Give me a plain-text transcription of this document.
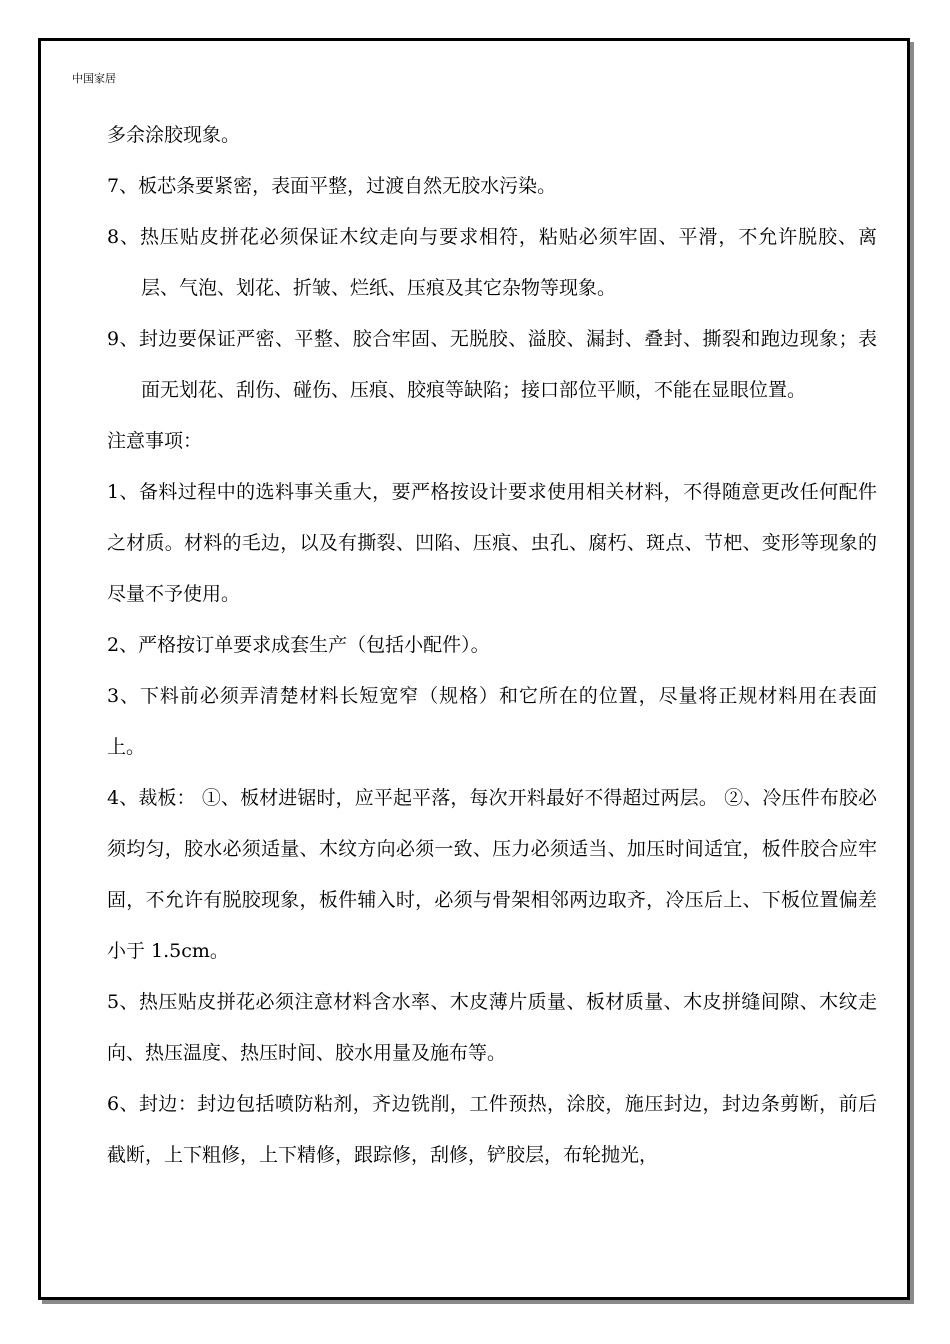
中国家居

多余涂胶现象。

7、板芯条要紧密，表面平整，过渡自然无胶水污染。

8、热压贴皮拼花必须保证木纹走向与要求相符，粘贴必须牢固、平滑，不允许脱胶、离层、气泡、划花、折皱、烂纸、压痕及其它杂物等现象。

9、封边要保证严密、平整、胶合牢固、无脱胶、溢胶、漏封、叠封、撕裂和跑边现象；表面无划花、刮伤、碰伤、压痕、胶痕等缺陷；接口部位平顺，不能在显眼位置。

注意事项：

1、备料过程中的选料事关重大，要严格按设计要求使用相关材料，不得随意更改任何配件之材质。材料的毛边，以及有撕裂、凹陷、压痕、虫孔、腐朽、斑点、节杷、变形等现象的尽量不予使用。

2、严格按订单要求成套生产（包括小配件）。

3、下料前必须弄清楚材料长短宽窄（规格）和它所在的位置，尽量将正规材料用在表面上。

4、裁板： ①、板材进锯时，应平起平落，每次开料最好不得超过两层。 ②、冷压件布胶必须均匀，胶水必须适量、木纹方向必须一致、压力必须适当、加压时间适宜，板件胶合应牢固，不允许有脱胶现象，板件辅入时，必须与骨架相邻两边取齐，冷压后上、下板位置偏差小于 1.5cm。

5、热压贴皮拼花必须注意材料含水率、木皮薄片质量、板材质量、木皮拼缝间隙、木纹走向、热压温度、热压时间、胶水用量及施布等。

6、封边：封边包括喷防粘剂，齐边铣削，工件预热，涂胶，施压封边，封边条剪断，前后截断，上下粗修，上下精修，跟踪修，刮修，铲胶层，布轮抛光，
